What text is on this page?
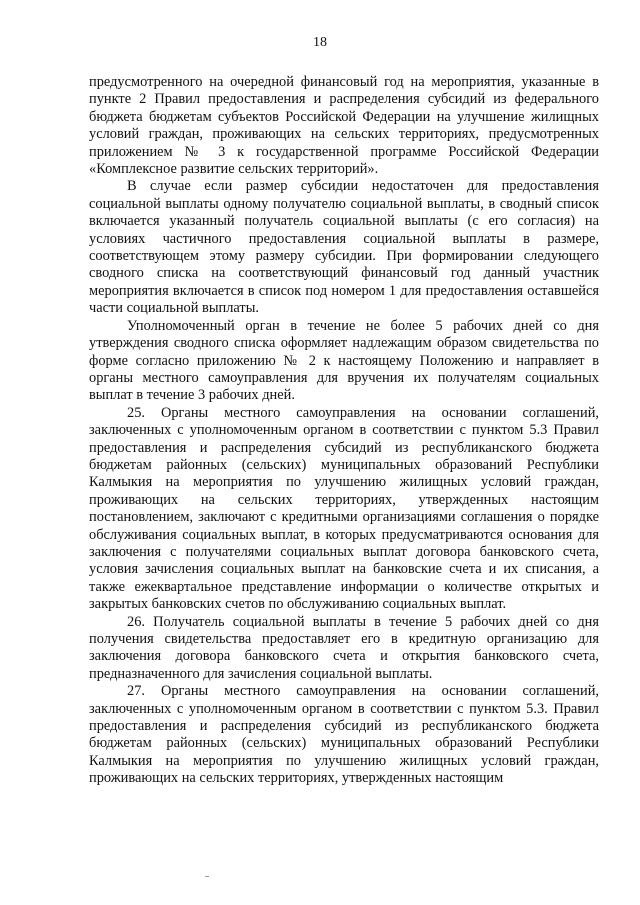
18

предусмотренного на очередной финансовый год на мероприятия, указанные в пункте 2 Правил предоставления и распределения субсидий из федерального бюджета бюджетам субъектов Российской Федерации на улучшение жилищных условий граждан, проживающих на сельских территориях, предусмотренных приложением № 3 к государственной программе Российской Федерации «Комплексное развитие сельских территорий».

В случае если размер субсидии недостаточен для предоставления социальной выплаты одному получателю социальной выплаты, в сводный список включается указанный получатель социальной выплаты (с его согласия) на условиях частичного предоставления социальной выплаты в размере, соответствующем этому размеру субсидии. При формировании следующего сводного списка на соответствующий финансовый год данный участник мероприятия включается в список под номером 1 для предоставления оставшейся части социальной выплаты.

Уполномоченный орган в течение не более 5 рабочих дней со дня утверждения сводного списка оформляет надлежащим образом свидетельства по форме согласно приложению № 2 к настоящему Положению и направляет в органы местного самоуправления для вручения их получателям социальных выплат в течение 3 рабочих дней.

25. Органы местного самоуправления на основании соглашений, заключенных с уполномоченным органом в соответствии с пунктом 5.3 Правил предоставления и распределения субсидий из республиканского бюджета бюджетам районных (сельских) муниципальных образований Республики Калмыкия на мероприятия по улучшению жилищных условий граждан, проживающих на сельских территориях, утвержденных настоящим постановлением, заключают с кредитными организациями соглашения о порядке обслуживания социальных выплат, в которых предусматриваются основания для заключения с получателями социальных выплат договора банковского счета, условия зачисления социальных выплат на банковские счета и их списания, а также ежеквартальное представление информации о количестве открытых и закрытых банковских счетов по обслуживанию социальных выплат.

26. Получатель социальной выплаты в течение 5 рабочих дней со дня получения свидетельства предоставляет его в кредитную организацию для заключения договора банковского счета и открытия банковского счета, предназначенного для зачисления социальной выплаты.

27. Органы местного самоуправления на основании соглашений, заключенных с уполномоченным органом в соответствии с пунктом 5.3. Правил предоставления и распределения субсидий из республиканского бюджета бюджетам районных (сельских) муниципальных образований Республики Калмыкия на мероприятия по улучшению жилищных условий граждан, проживающих на сельских территориях, утвержденных настоящим
